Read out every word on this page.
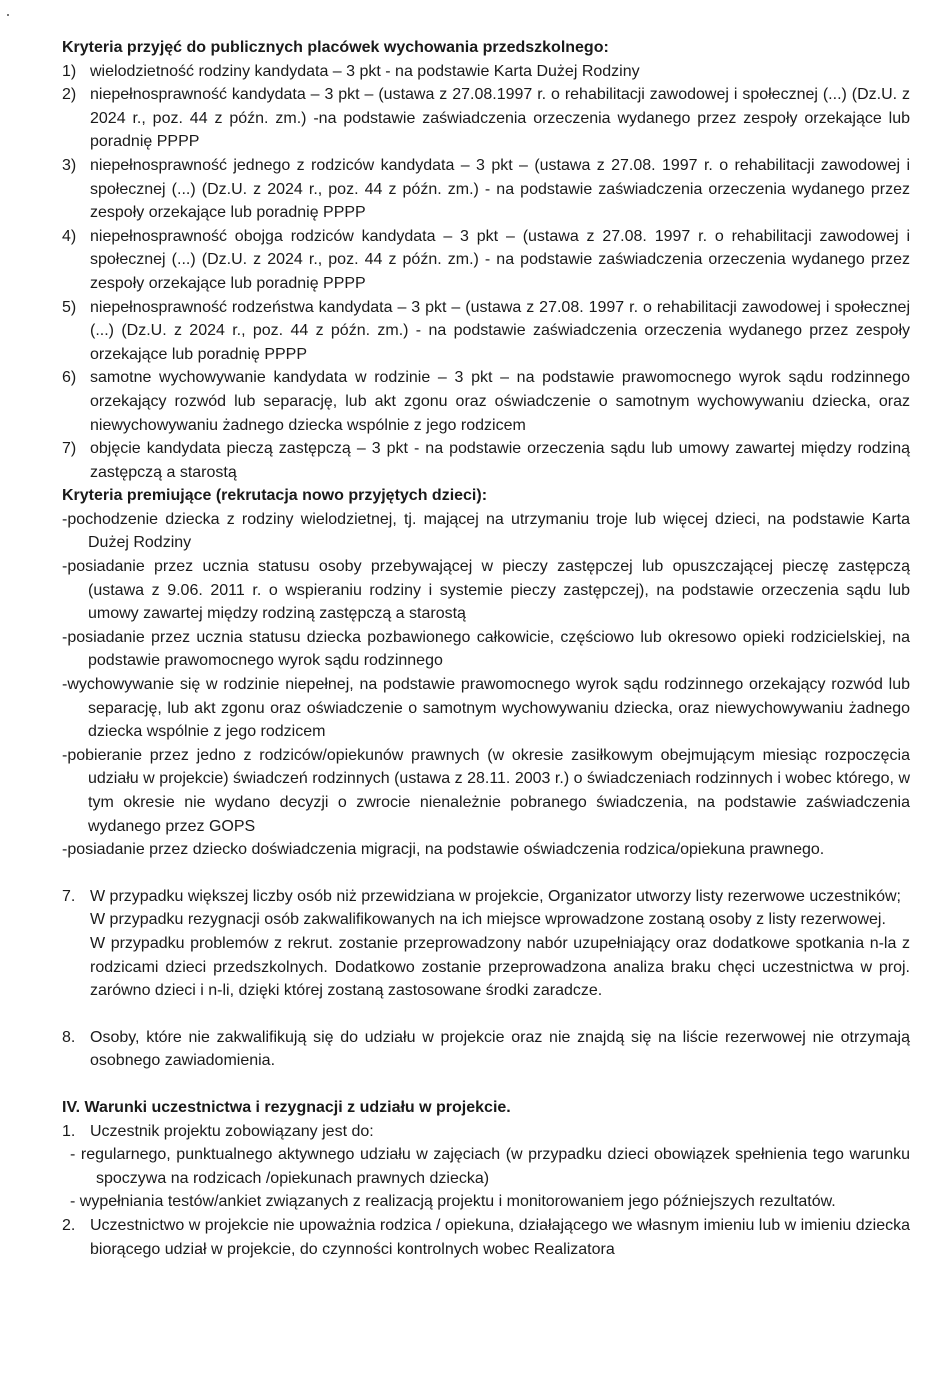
Kryteria przyjęć do publicznych placówek wychowania przedszkolnego:
1) wielodzietność rodziny kandydata – 3 pkt - na podstawie Karta Dużej Rodziny
2) niepełnosprawność kandydata – 3 pkt – (ustawa z 27.08.1997 r. o rehabilitacji zawodowej i społecznej (...) (Dz.U. z 2024 r., poz. 44 z późn. zm.) -na podstawie zaświadczenia orzeczenia wydanego przez zespoły orzekające lub poradnię PPPP
3) niepełnosprawność jednego z rodziców kandydata – 3 pkt – (ustawa z 27.08. 1997 r. o rehabilitacji zawodowej i społecznej (...) (Dz.U. z 2024 r., poz. 44 z późn. zm.) - na podstawie zaświadczenia orzeczenia wydanego przez zespoły orzekające lub poradnię PPPP
4) niepełnosprawność obojga rodziców kandydata – 3 pkt – (ustawa z 27.08. 1997 r. o rehabilitacji zawodowej i społecznej (...) (Dz.U. z 2024 r., poz. 44 z późn. zm.) - na podstawie zaświadczenia orzeczenia wydanego przez zespoły orzekające lub poradnię PPPP
5) niepełnosprawność rodzeństwa kandydata – 3 pkt – (ustawa z 27.08. 1997 r. o rehabilitacji zawodowej i społecznej (...) (Dz.U. z 2024 r., poz. 44 z późn. zm.) - na podstawie zaświadczenia orzeczenia wydanego przez zespoły orzekające lub poradnię PPPP
6) samotne wychowywanie kandydata w rodzinie – 3 pkt – na podstawie prawomocnego wyrok sądu rodzinnego orzekający rozwód lub separację, lub akt zgonu oraz oświadczenie o samotnym wychowywaniu dziecka, oraz niewychowywaniu żadnego dziecka wspólnie z jego rodzicem
7) objęcie kandydata pieczą zastępczą – 3 pkt - na podstawie orzeczenia sądu lub umowy zawartej między rodziną zastępczą a starostą
Kryteria premiujące (rekrutacja nowo przyjętych dzieci):
-pochodzenie dziecka z rodziny wielodzietnej, tj. mającej na utrzymaniu troje lub więcej dzieci, na podstawie Karta Dużej Rodziny
-posiadanie przez ucznia statusu osoby przebywającej w pieczy zastępczej lub opuszczającej pieczę zastępczą (ustawa z 9.06. 2011 r. o wspieraniu rodziny i systemie pieczy zastępczej), na podstawie orzeczenia sądu lub umowy zawartej między rodziną zastępczą a starostą
-posiadanie przez ucznia statusu dziecka pozbawionego całkowicie, częściowo lub okresowo opieki rodzicielskiej, na podstawie prawomocnego wyrok sądu rodzinnego
-wychowywanie się w rodzinie niepełnej, na podstawie prawomocnego wyrok sądu rodzinnego orzekający rozwód lub separację, lub akt zgonu oraz oświadczenie o samotnym wychowywaniu dziecka, oraz niewychowywaniu żadnego dziecka wspólnie z jego rodzicem
-pobieranie przez jedno z rodziców/opiekunów prawnych (w okresie zasiłkowym obejmującym miesiąc rozpoczęcia udziału w projekcie) świadczeń rodzinnych (ustawa z 28.11. 2003 r.) o świadczeniach rodzinnych i wobec którego, w tym okresie nie wydano decyzji o zwrocie nienależnie pobranego świadczenia, na podstawie zaświadczenia wydanego przez GOPS
-posiadanie przez dziecko doświadczenia migracji, na podstawie oświadczenia rodzica/opiekuna prawnego.
7. W przypadku większej liczby osób niż przewidziana w projekcie, Organizator utworzy listy rezerwowe uczestników;
W przypadku rezygnacji osób zakwalifikowanych na ich miejsce wprowadzone zostaną osoby z listy rezerwowej.
W przypadku problemów z rekrut. zostanie przeprowadzony nabór uzupełniający oraz dodatkowe spotkania n-la z rodzicami dzieci przedszkolnych. Dodatkowo zostanie przeprowadzona analiza braku chęci uczestnictwa w proj. zarówno dzieci i n-li, dzięki której zostaną zastosowane środki zaradcze.
8. Osoby, które nie zakwalifikują się do udziału w projekcie oraz nie znajdą się na liście rezerwowej nie otrzymają osobnego zawiadomienia.
IV. Warunki uczestnictwa i rezygnacji z udziału w projekcie.
1. Uczestnik projektu zobowiązany jest do:
- regularnego, punktualnego aktywnego udziału w zajęciach (w przypadku dzieci obowiązek spełnienia tego warunku spoczywa na rodzicach /opiekunach prawnych dziecka)
- wypełniania testów/ankiet związanych z realizacją projektu i monitorowaniem jego późniejszych rezultatów.
2. Uczestnictwo w projekcie nie upoważnia rodzica / opiekuna, działającego we własnym imieniu lub w imieniu dziecka biorącego udział w projekcie, do czynności kontrolnych wobec Realizatora
